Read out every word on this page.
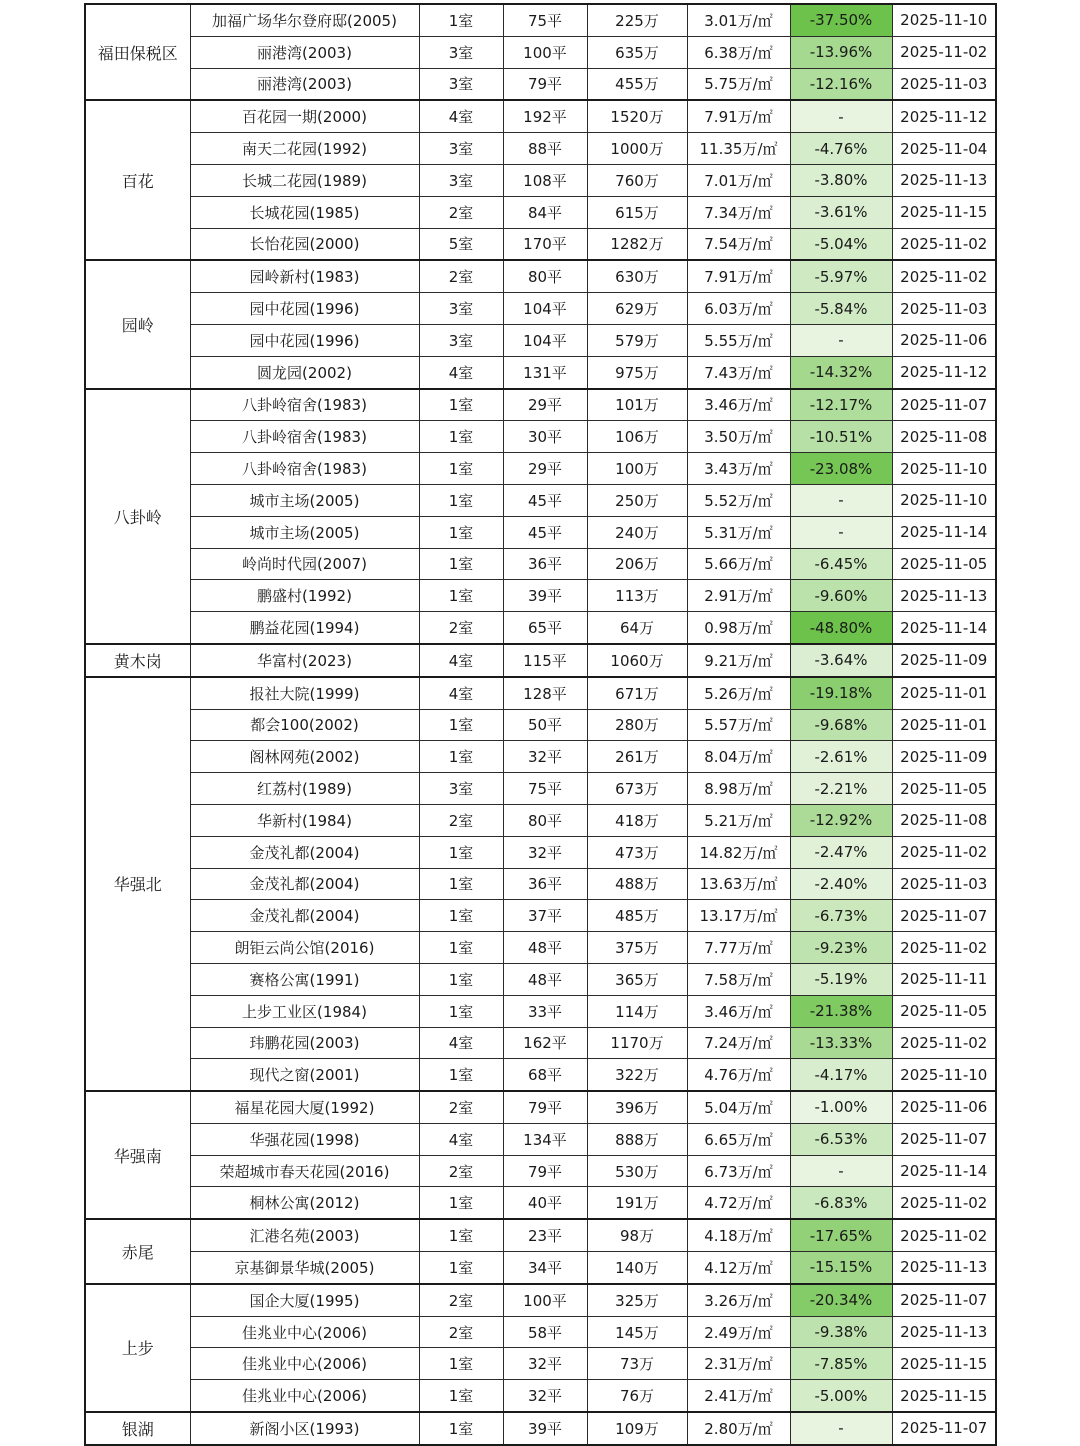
福田保税区	加福广场华尔登府邸(2005)	1室	75平	225万	3.01万/㎡	-37.50%	2025-11-10
	丽港湾(2003)	3室	100平	635万	6.38万/㎡	-13.96%	2025-11-02
	丽港湾(2003)	3室	79平	455万	5.75万/㎡	-12.16%	2025-11-03
百花	百花园一期(2000)	4室	192平	1520万	7.91万/㎡	-	2025-11-12
	南天二花园(1992)	3室	88平	1000万	11.35万/㎡	-4.76%	2025-11-04
	长城二花园(1989)	3室	108平	760万	7.01万/㎡	-3.80%	2025-11-13
	长城花园(1985)	2室	84平	615万	7.34万/㎡	-3.61%	2025-11-15
	长怡花园(2000)	5室	170平	1282万	7.54万/㎡	-5.04%	2025-11-02
园岭	园岭新村(1983)	2室	80平	630万	7.91万/㎡	-5.97%	2025-11-02
	园中花园(1996)	3室	104平	629万	6.03万/㎡	-5.84%	2025-11-03
	园中花园(1996)	3室	104平	579万	5.55万/㎡	-	2025-11-06
	圆龙园(2002)	4室	131平	975万	7.43万/㎡	-14.32%	2025-11-12
八卦岭	八卦岭宿舍(1983)	1室	29平	101万	3.46万/㎡	-12.17%	2025-11-07
	八卦岭宿舍(1983)	1室	30平	106万	3.50万/㎡	-10.51%	2025-11-08
	八卦岭宿舍(1983)	1室	29平	100万	3.43万/㎡	-23.08%	2025-11-10
	城市主场(2005)	1室	45平	250万	5.52万/㎡	-	2025-11-10
	城市主场(2005)	1室	45平	240万	5.31万/㎡	-	2025-11-14
	岭尚时代园(2007)	1室	36平	206万	5.66万/㎡	-6.45%	2025-11-05
	鹏盛村(1992)	1室	39平	113万	2.91万/㎡	-9.60%	2025-11-13
	鹏益花园(1994)	2室	65平	64万	0.98万/㎡	-48.80%	2025-11-14
黄木岗	华富村(2023)	4室	115平	1060万	9.21万/㎡	-3.64%	2025-11-09
华强北	报社大院(1999)	4室	128平	671万	5.26万/㎡	-19.18%	2025-11-01
	都会100(2002)	1室	50平	280万	5.57万/㎡	-9.68%	2025-11-01
	阁林网苑(2002)	1室	32平	261万	8.04万/㎡	-2.61%	2025-11-09
	红荔村(1989)	3室	75平	673万	8.98万/㎡	-2.21%	2025-11-05
	华新村(1984)	2室	80平	418万	5.21万/㎡	-12.92%	2025-11-08
	金茂礼都(2004)	1室	32平	473万	14.82万/㎡	-2.47%	2025-11-02
	金茂礼都(2004)	1室	36平	488万	13.63万/㎡	-2.40%	2025-11-03
	金茂礼都(2004)	1室	37平	485万	13.17万/㎡	-6.73%	2025-11-07
	朗钜云尚公馆(2016)	1室	48平	375万	7.77万/㎡	-9.23%	2025-11-02
	赛格公寓(1991)	1室	48平	365万	7.58万/㎡	-5.19%	2025-11-11
	上步工业区(1984)	1室	33平	114万	3.46万/㎡	-21.38%	2025-11-05
	玮鹏花园(2003)	4室	162平	1170万	7.24万/㎡	-13.33%	2025-11-02
	现代之窗(2001)	1室	68平	322万	4.76万/㎡	-4.17%	2025-11-10
华强南	福星花园大厦(1992)	2室	79平	396万	5.04万/㎡	-1.00%	2025-11-06
	华强花园(1998)	4室	134平	888万	6.65万/㎡	-6.53%	2025-11-07
	荣超城市春天花园(2016)	2室	79平	530万	6.73万/㎡	-	2025-11-14
	桐林公寓(2012)	1室	40平	191万	4.72万/㎡	-6.83%	2025-11-02
赤尾	汇港名苑(2003)	1室	23平	98万	4.18万/㎡	-17.65%	2025-11-02
	京基御景华城(2005)	1室	34平	140万	4.12万/㎡	-15.15%	2025-11-13
上步	国企大厦(1995)	2室	100平	325万	3.26万/㎡	-20.34%	2025-11-07
	佳兆业中心(2006)	2室	58平	145万	2.49万/㎡	-9.38%	2025-11-13
	佳兆业中心(2006)	1室	32平	73万	2.31万/㎡	-7.85%	2025-11-15
	佳兆业中心(2006)	1室	32平	76万	2.41万/㎡	-5.00%	2025-11-15
银湖	新阁小区(1993)	1室	39平	109万	2.80万/㎡	-	2025-11-07
